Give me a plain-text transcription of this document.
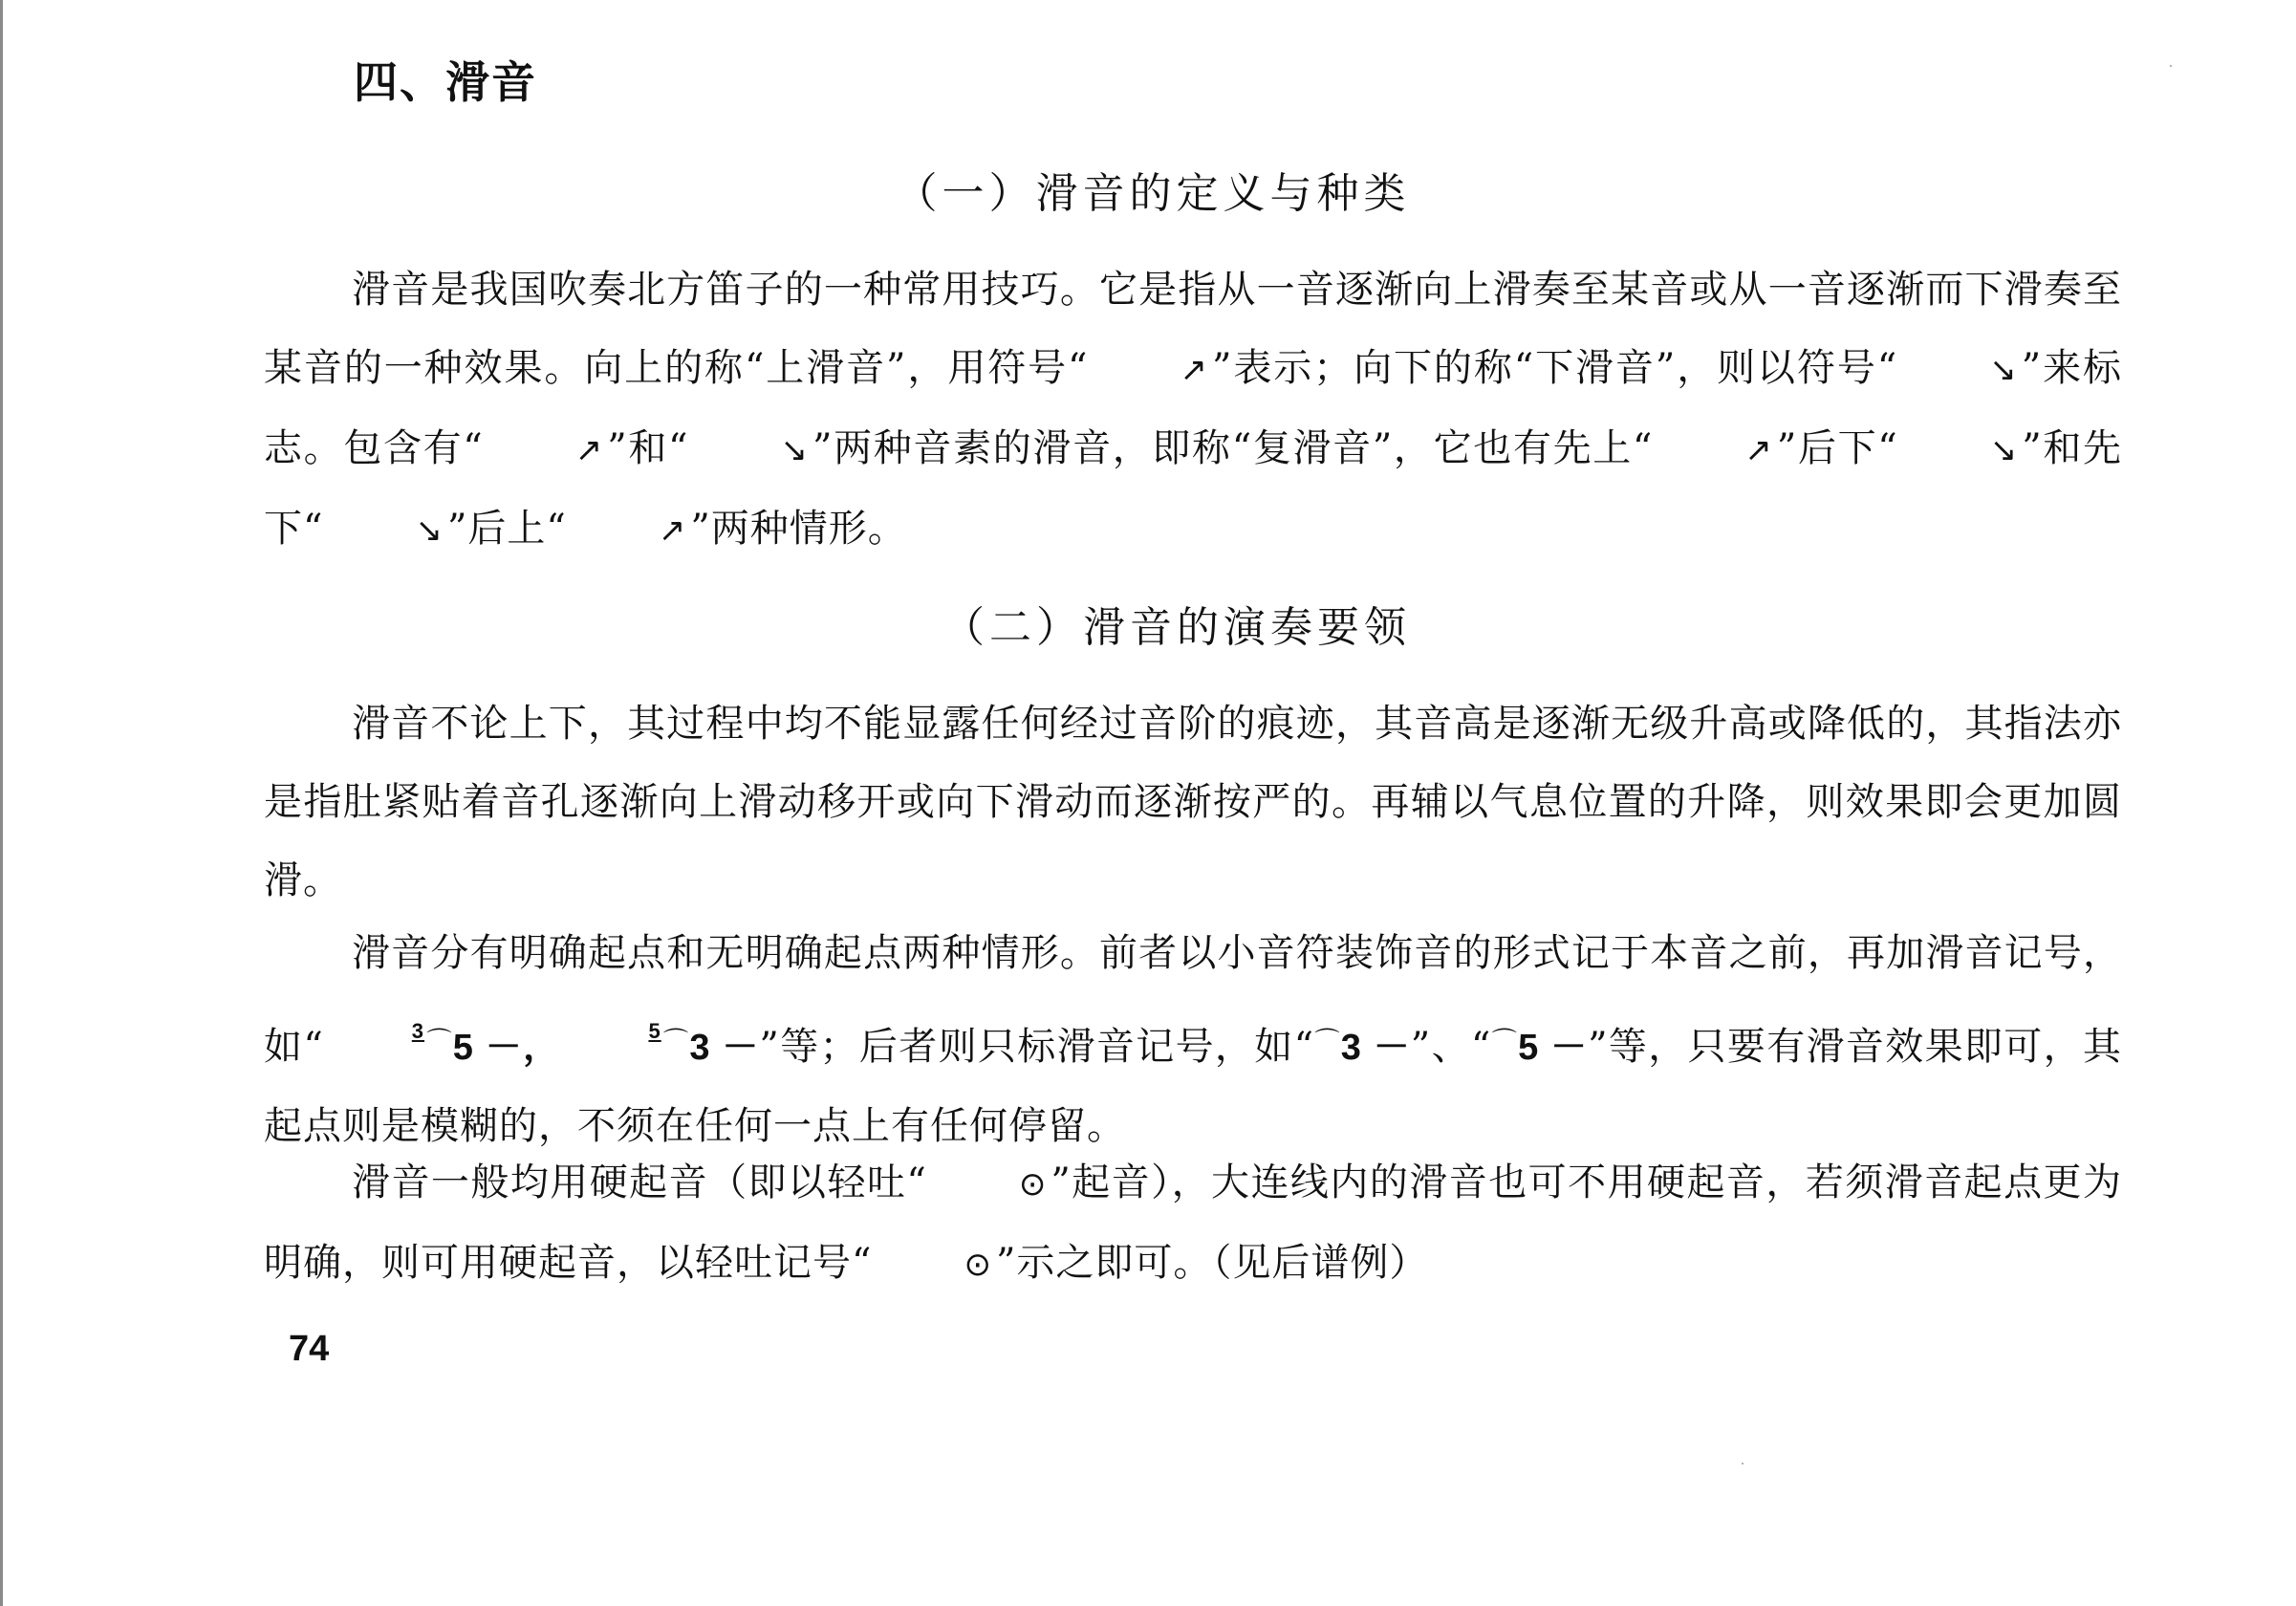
四、滑音
（一）滑音的定义与种类

滑音是我国吹奏北方笛子的一种常用技巧。它是指从一音逐渐向上滑奏至某音或从一音逐渐而下滑奏至某音的一种效果。向上的称“上滑音”，用符号“	↗ ”表示；向下的称“下滑音”，则以符号“	↘ ”来标志。包含有“	↗ ”和“	↘ ”两种音素的滑音，即称“复滑音”，它也有先上“	↗ ”后下“	↘ ”和先下“	↘ ”后上“	↗ ”两种情形。

（二）滑音的演奏要领

滑音不论上下，其过程中均不能显露任何经过音阶的痕迹，其音高是逐渐无级升高或降低的，其指法亦是指肚紧贴着音孔逐渐向上滑动移开或向下滑动而逐渐按严的。再辅以气息位置的升降，则效果即会更加圆滑。

滑音分有明确起点和无明确起点两种情形。前者以小音符装饰音的形式记于本音之前，再加滑音记号，如“	3⌒5 －，	5⌒3 －”等；后者则只标滑音记号，如“⌒3 －”、“⌒5 －”等，只要有滑音效果即可，其起点则是模糊的，不须在任何一点上有任何停留。

滑音一般均用硬起音（即以轻吐“	⊙ ”起音），大连线内的滑音也可不用硬起音，若须滑音起点更为明确，则可用硬起音，以轻吐记号“	⊙ ”示之即可。（见后谱例）

74
